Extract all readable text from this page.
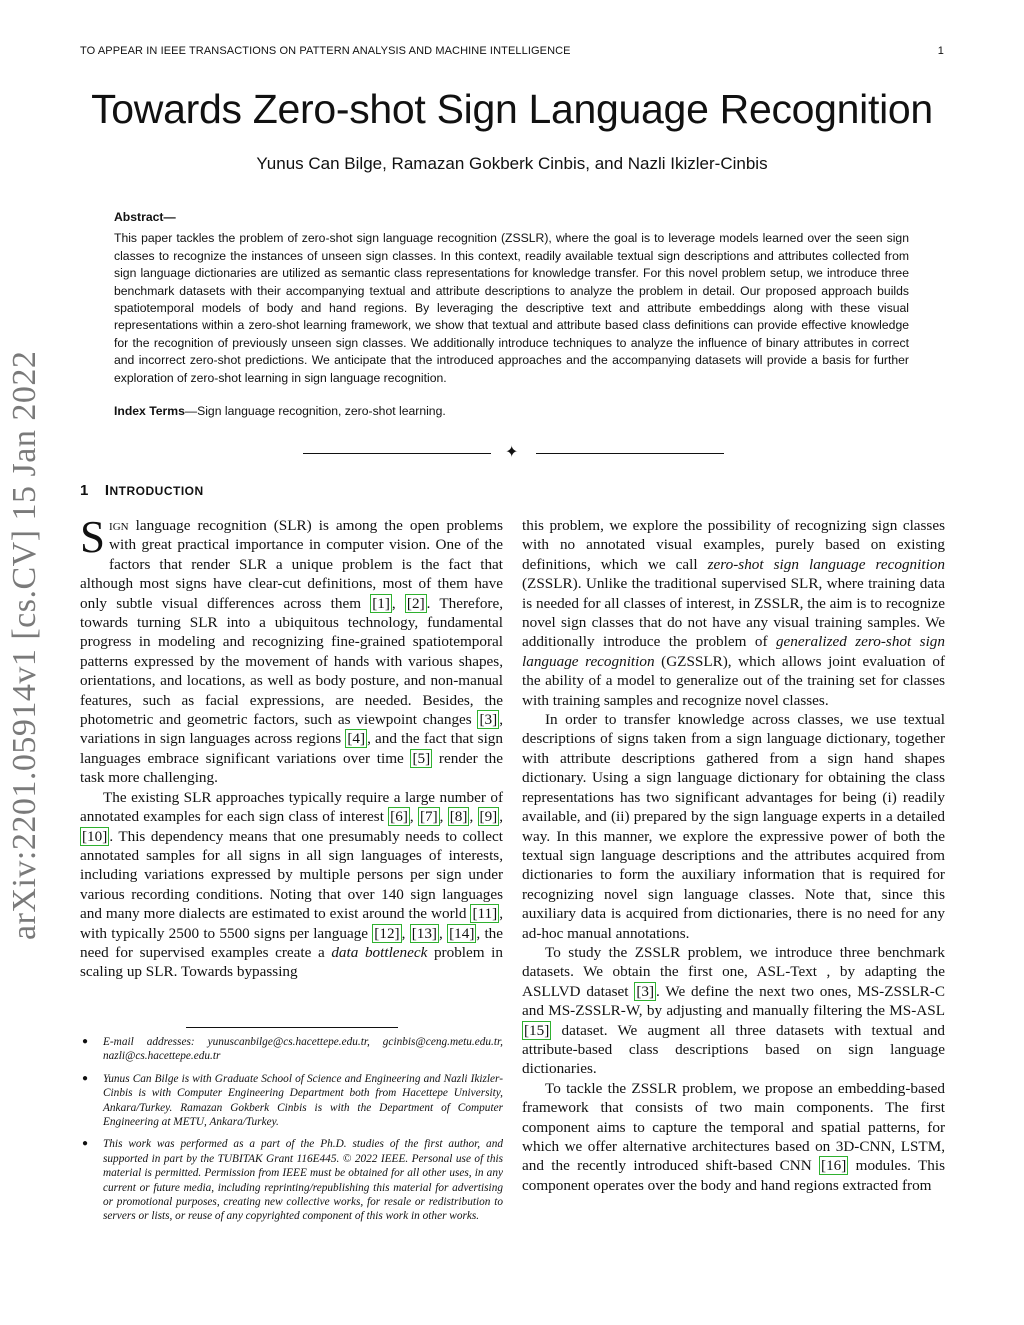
TO APPEAR IN IEEE TRANSACTIONS ON PATTERN ANALYSIS AND MACHINE INTELLIGENCE	1
Towards Zero-shot Sign Language Recognition
Yunus Can Bilge, Ramazan Gokberk Cinbis, and Nazli Ikizler-Cinbis
Abstract—

This paper tackles the problem of zero-shot sign language recognition (ZSSLR), where the goal is to leverage models learned over the seen sign classes to recognize the instances of unseen sign classes. In this context, readily available textual sign descriptions and attributes collected from sign language dictionaries are utilized as semantic class representations for knowledge transfer. For this novel problem setup, we introduce three benchmark datasets with their accompanying textual and attribute descriptions to analyze the problem in detail. Our proposed approach builds spatiotemporal models of body and hand regions. By leveraging the descriptive text and attribute embeddings along with these visual representations within a zero-shot learning framework, we show that textual and attribute based class definitions can provide effective knowledge for the recognition of previously unseen sign classes. We additionally introduce techniques to analyze the influence of binary attributes in correct and incorrect zero-shot predictions. We anticipate that the introduced approaches and the accompanying datasets will provide a basis for further exploration of zero-shot learning in sign language recognition.

Index Terms—Sign language recognition, zero-shot learning.
✦
arXiv:2201.05914v1 [cs.CV] 15 Jan 2022 1 INTRODUCTION

Sign language recognition (SLR) is among the open problems with great practical importance in computer vision. One of the factors that render SLR a unique problem is the fact that although most signs have clear-cut definitions, most of them have only subtle visual differences across them [1] , [2] . Therefore, towards turning SLR into a ubiquitous technology, fundamental progress in modeling and recognizing fine-grained spatiotemporal patterns expressed by the movement of hands with various shapes, orientations, and locations, as well as body posture, and non-manual features, such as facial expressions, are needed. Besides, the photometric and geometric factors, such as viewpoint changes [3] , variations in sign languages across regions [4] , and the fact that sign languages embrace significant variations over time [5] render the task more challenging.

The existing SLR approaches typically require a large number of annotated examples for each sign class of interest [6] , [7] , [8] , [9] , [10] . This dependency means that one presumably needs to collect annotated samples for all signs in all sign languages of interests, including variations expressed by multiple persons per sign under various recording conditions. Noting that over 140 sign languages and many more dialects are estimated to exist around the world [11] , with typically 2500 to 5500 signs per language [12] , [13] , [14] , the need for supervised examples create a data bottleneck problem in scaling up SLR. Towards bypassing

this problem, we explore the possibility of recognizing sign classes with no annotated visual examples, purely based on existing definitions, which we call zero-shot sign language recognition (ZSSLR). Unlike the traditional supervised SLR, where training data is needed for all classes of interest, in ZSSLR, the aim is to recognize novel sign classes that do not have any visual training samples. We additionally introduce the problem of generalized zero-shot sign language recognition (GZSSLR), which allows joint evaluation of the ability of a model to generalize out of the training set for classes with training samples and recognize novel classes.

In order to transfer knowledge across classes, we use textual descriptions of signs taken from a sign language dictionary, together with attribute descriptions gathered from a sign hand shapes dictionary. Using a sign language dictionary for obtaining the class representations has two significant advantages for being (i) readily available, and (ii) prepared by the sign language experts in a detailed way. In this manner, we explore the expressive power of both the textual sign language descriptions and the attributes acquired from dictionaries to form the auxiliary information that is required for recognizing novel sign language classes. Note that, since this auxiliary data is acquired from dictionaries, there is no need for any ad-hoc manual annotations.

To study the ZSSLR problem, we introduce three benchmark datasets. We obtain the first one, ASL-Text , by adapting the ASLLVD dataset [3] . We define the next two ones, MS-ZSSLR-C and MS-ZSSLR-W, by adjusting and manually filtering the MS-ASL [15] dataset. We augment all three datasets with textual and attribute-based class descriptions based on sign language dictionaries.

To tackle the ZSSLR problem, we propose an embedding-based framework that consists of two main components. The first component aims to capture the temporal and spatial patterns, for which we offer alternative architectures based on 3D-CNN, LSTM, and the recently introduced shift-based CNN [16] modules. This component operates over the body and hand regions extracted from

● E-mail addresses: yunuscanbilge@cs.hacettepe.edu.tr, gcinbis@ceng.metu.edu.tr, nazli@cs.hacettepe.edu.tr
● Yunus Can Bilge is with Graduate School of Science and Engineering and Nazli Ikizler-Cinbis is with Computer Engineering Department both from Hacettepe University, Ankara/Turkey. Ramazan Gokberk Cinbis is with the Department of Computer Engineering at METU, Ankara/Turkey.
● This work was performed as a part of the Ph.D. studies of the first author, and supported in part by the TUBITAK Grant 116E445. © 2022 IEEE. Personal use of this material is permitted. Permission from IEEE must be obtained for all other uses, in any current or future media, including reprinting/republishing this material for advertising or promotional purposes, creating new collective works, for resale or redistribution to servers or lists, or reuse of any copyrighted component of this work in other works.
